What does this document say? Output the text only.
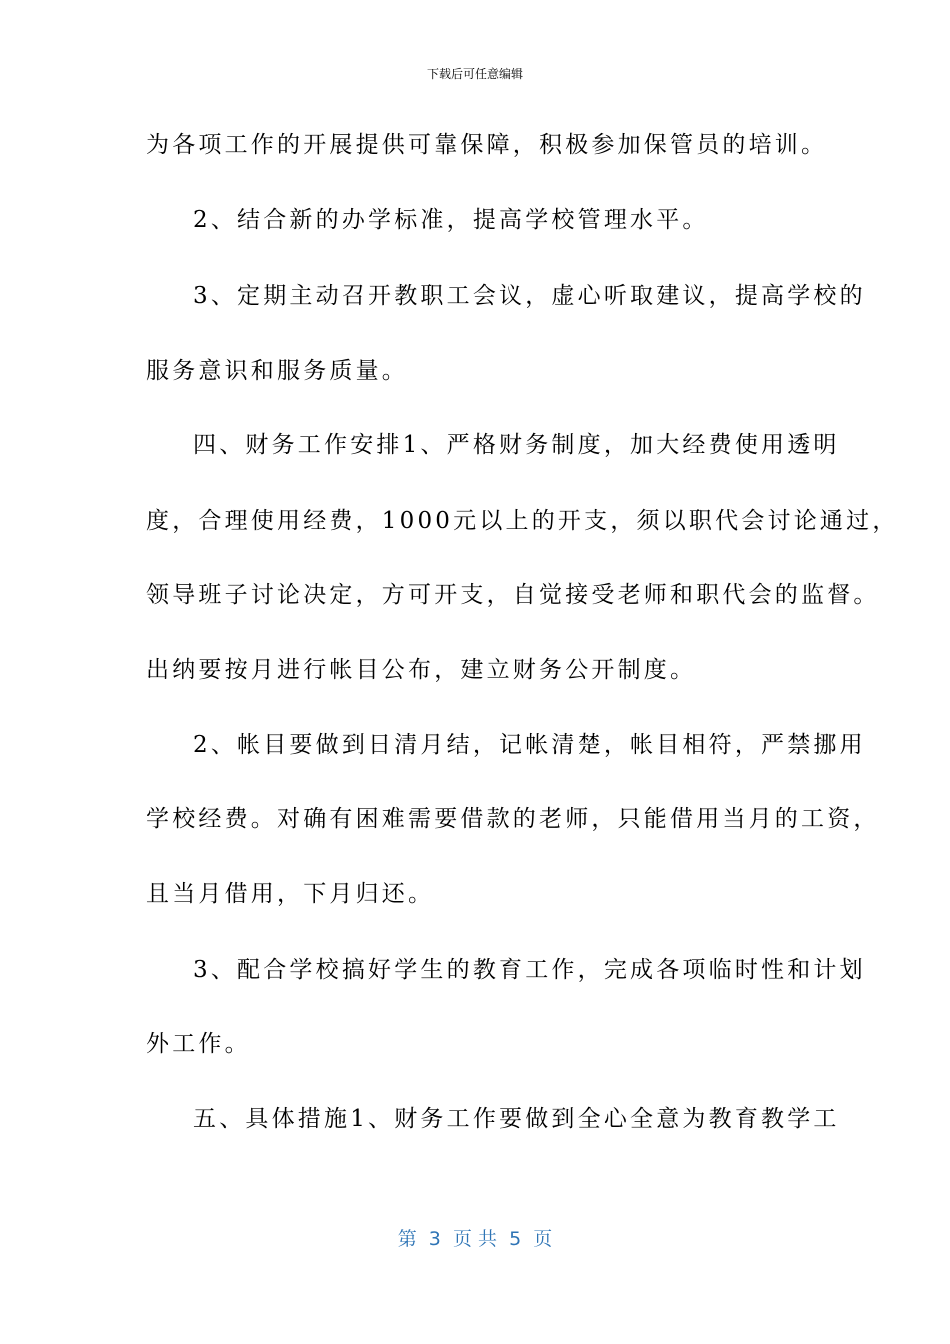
下载后可任意编辑
为各项工作的开展提供可靠保障，积极参加保管员的培训。
2、结合新的办学标准，提高学校管理水平。
3、定期主动召开教职工会议，虚心听取建议，提高学校的
服务意识和服务质量。
四、财务工作安排1、严格财务制度，加大经费使用透明
度，合理使用经费，1000元以上的开支，须以职代会讨论通过，
领导班子讨论决定，方可开支，自觉接受老师和职代会的监督。
出纳要按月进行帐目公布，建立财务公开制度。
2、帐目要做到日清月结，记帐清楚，帐目相符，严禁挪用
学校经费。对确有困难需要借款的老师，只能借用当月的工资，
且当月借用，下月归还。
3、配合学校搞好学生的教育工作，完成各项临时性和计划
外工作。
五、具体措施1、财务工作要做到全心全意为教育教学工
第  3  页 共  5  页
